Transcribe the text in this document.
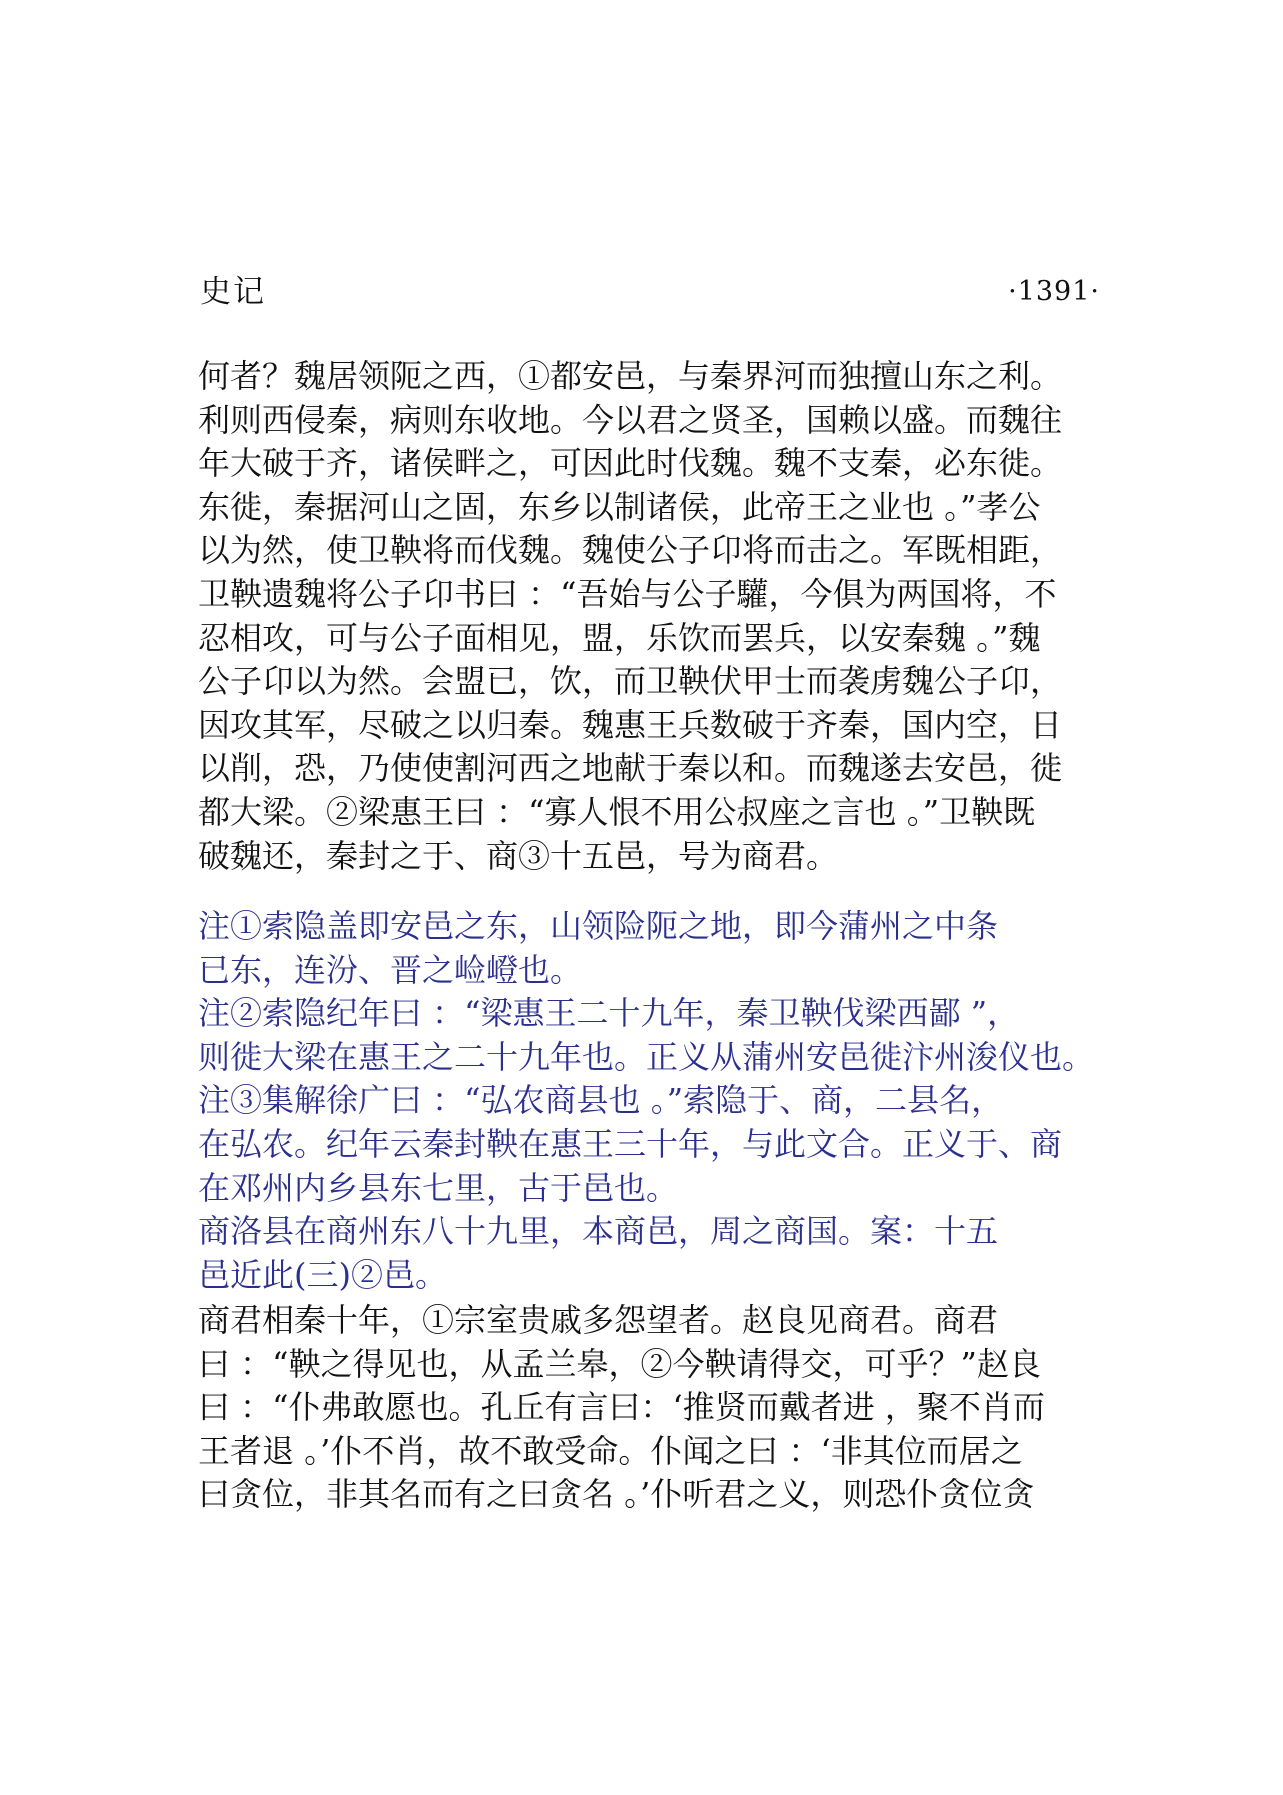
史记	·1391·
何者？魏居领阨之西，①都安邑，与秦界河而独擅山东之利。
利则西侵秦，病则东收地。今以君之贤圣，国赖以盛。而魏往
年大破于齐，诸侯畔之，可因此时伐魏。魏不支秦，必东徙。
东徙，秦据河山之固，东乡以制诸侯，此帝王之业也 。”孝公
以为然，使卫鞅将而伐魏。魏使公子卬将而击之。军既相距，
卫鞅遗魏将公子卬书曰 ：“吾始与公子驩，今俱为两国将，不
忍相攻，可与公子面相见，盟，乐饮而罢兵，以安秦魏 。”魏
公子卬以为然。会盟已，饮，而卫鞅伏甲士而袭虏魏公子卬，
因攻其军，尽破之以归秦。魏惠王兵数破于齐秦，国内空，日
以削，恐，乃使使割河西之地献于秦以和。而魏遂去安邑，徙
都大梁。②梁惠王曰 ：“寡人恨不用公叔座之言也 。”卫鞅既
破魏还，秦封之于、商③十五邑，号为商君。
注①索隐盖即安邑之东，山领险阨之地，即今蒲州之中条
已东，连汾、晋之崄嶝也。
注②索隐纪年曰 ：“梁惠王二十九年，秦卫鞅伐梁西鄙 ”，
则徙大梁在惠王之二十九年也。正义从蒲州安邑徙汴州浚仪也。
注③集解徐广曰 ：“弘农商县也 。”索隐于、商，二县名，
在弘农。纪年云秦封鞅在惠王三十年，与此文合。正义于、商
在邓州内乡县东七里，古于邑也。
商洛县在商州东八十九里，本商邑，周之商国。案：十五
邑近此(三)②邑。
商君相秦十年，①宗室贵戚多怨望者。赵良见商君。商君
曰 ：“鞅之得见也，从孟兰皋，②今鞅请得交，可乎？”赵良
曰 ：“仆弗敢愿也。孔丘有言曰：‘推贤而戴者进 ，聚不肖而
王者退 。’仆不肖，故不敢受命。仆闻之曰 ：‘非其位而居之
曰贪位，非其名而有之曰贪名 。’仆听君之义，则恐仆贪位贪
